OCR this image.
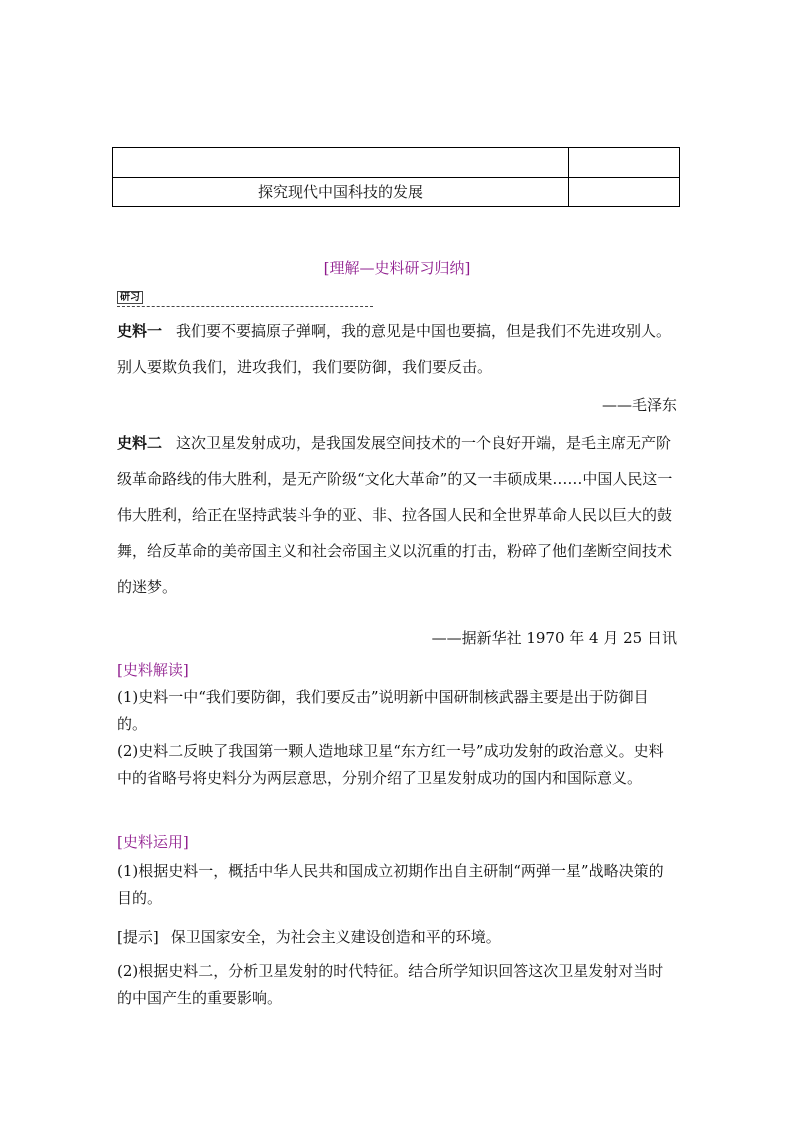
探究现代中国科技的发展
[理解—史料研习归纳]
研习
史料一 我们要不要搞原子弹啊，我的意见是中国也要搞，但是我们不先进攻别人。别人要欺负我们，进攻我们，我们要防御，我们要反击。
——毛泽东
史料二 这次卫星发射成功，是我国发展空间技术的一个良好开端，是毛主席无产阶级革命路线的伟大胜利，是无产阶级“文化大革命”的又一丰硕成果……中国人民这一伟大胜利，给正在坚持武装斗争的亚、非、拉各国人民和全世界革命人民以巨大的鼓舞，给反革命的美帝国主义和社会帝国主义以沉重的打击，粉碎了他们垄断空间技术的迷梦。
——据新华社 1970 年 4 月 25 日讯
[史料解读]
(1)史料一中“我们要防御，我们要反击”说明新中国研制核武器主要是出于防御目的。
(2)史料二反映了我国第一颗人造地球卫星“东方红一号”成功发射的政治意义。史料中的省略号将史料分为两层意思，分别介绍了卫星发射成功的国内和国际意义。
[史料运用]
(1)根据史料一，概括中华人民共和国成立初期作出自主研制“两弹一星”战略决策的目的。
[提示] 保卫国家安全，为社会主义建设创造和平的环境。
(2)根据史料二，分析卫星发射的时代特征。结合所学知识回答这次卫星发射对当时的中国产生的重要影响。
